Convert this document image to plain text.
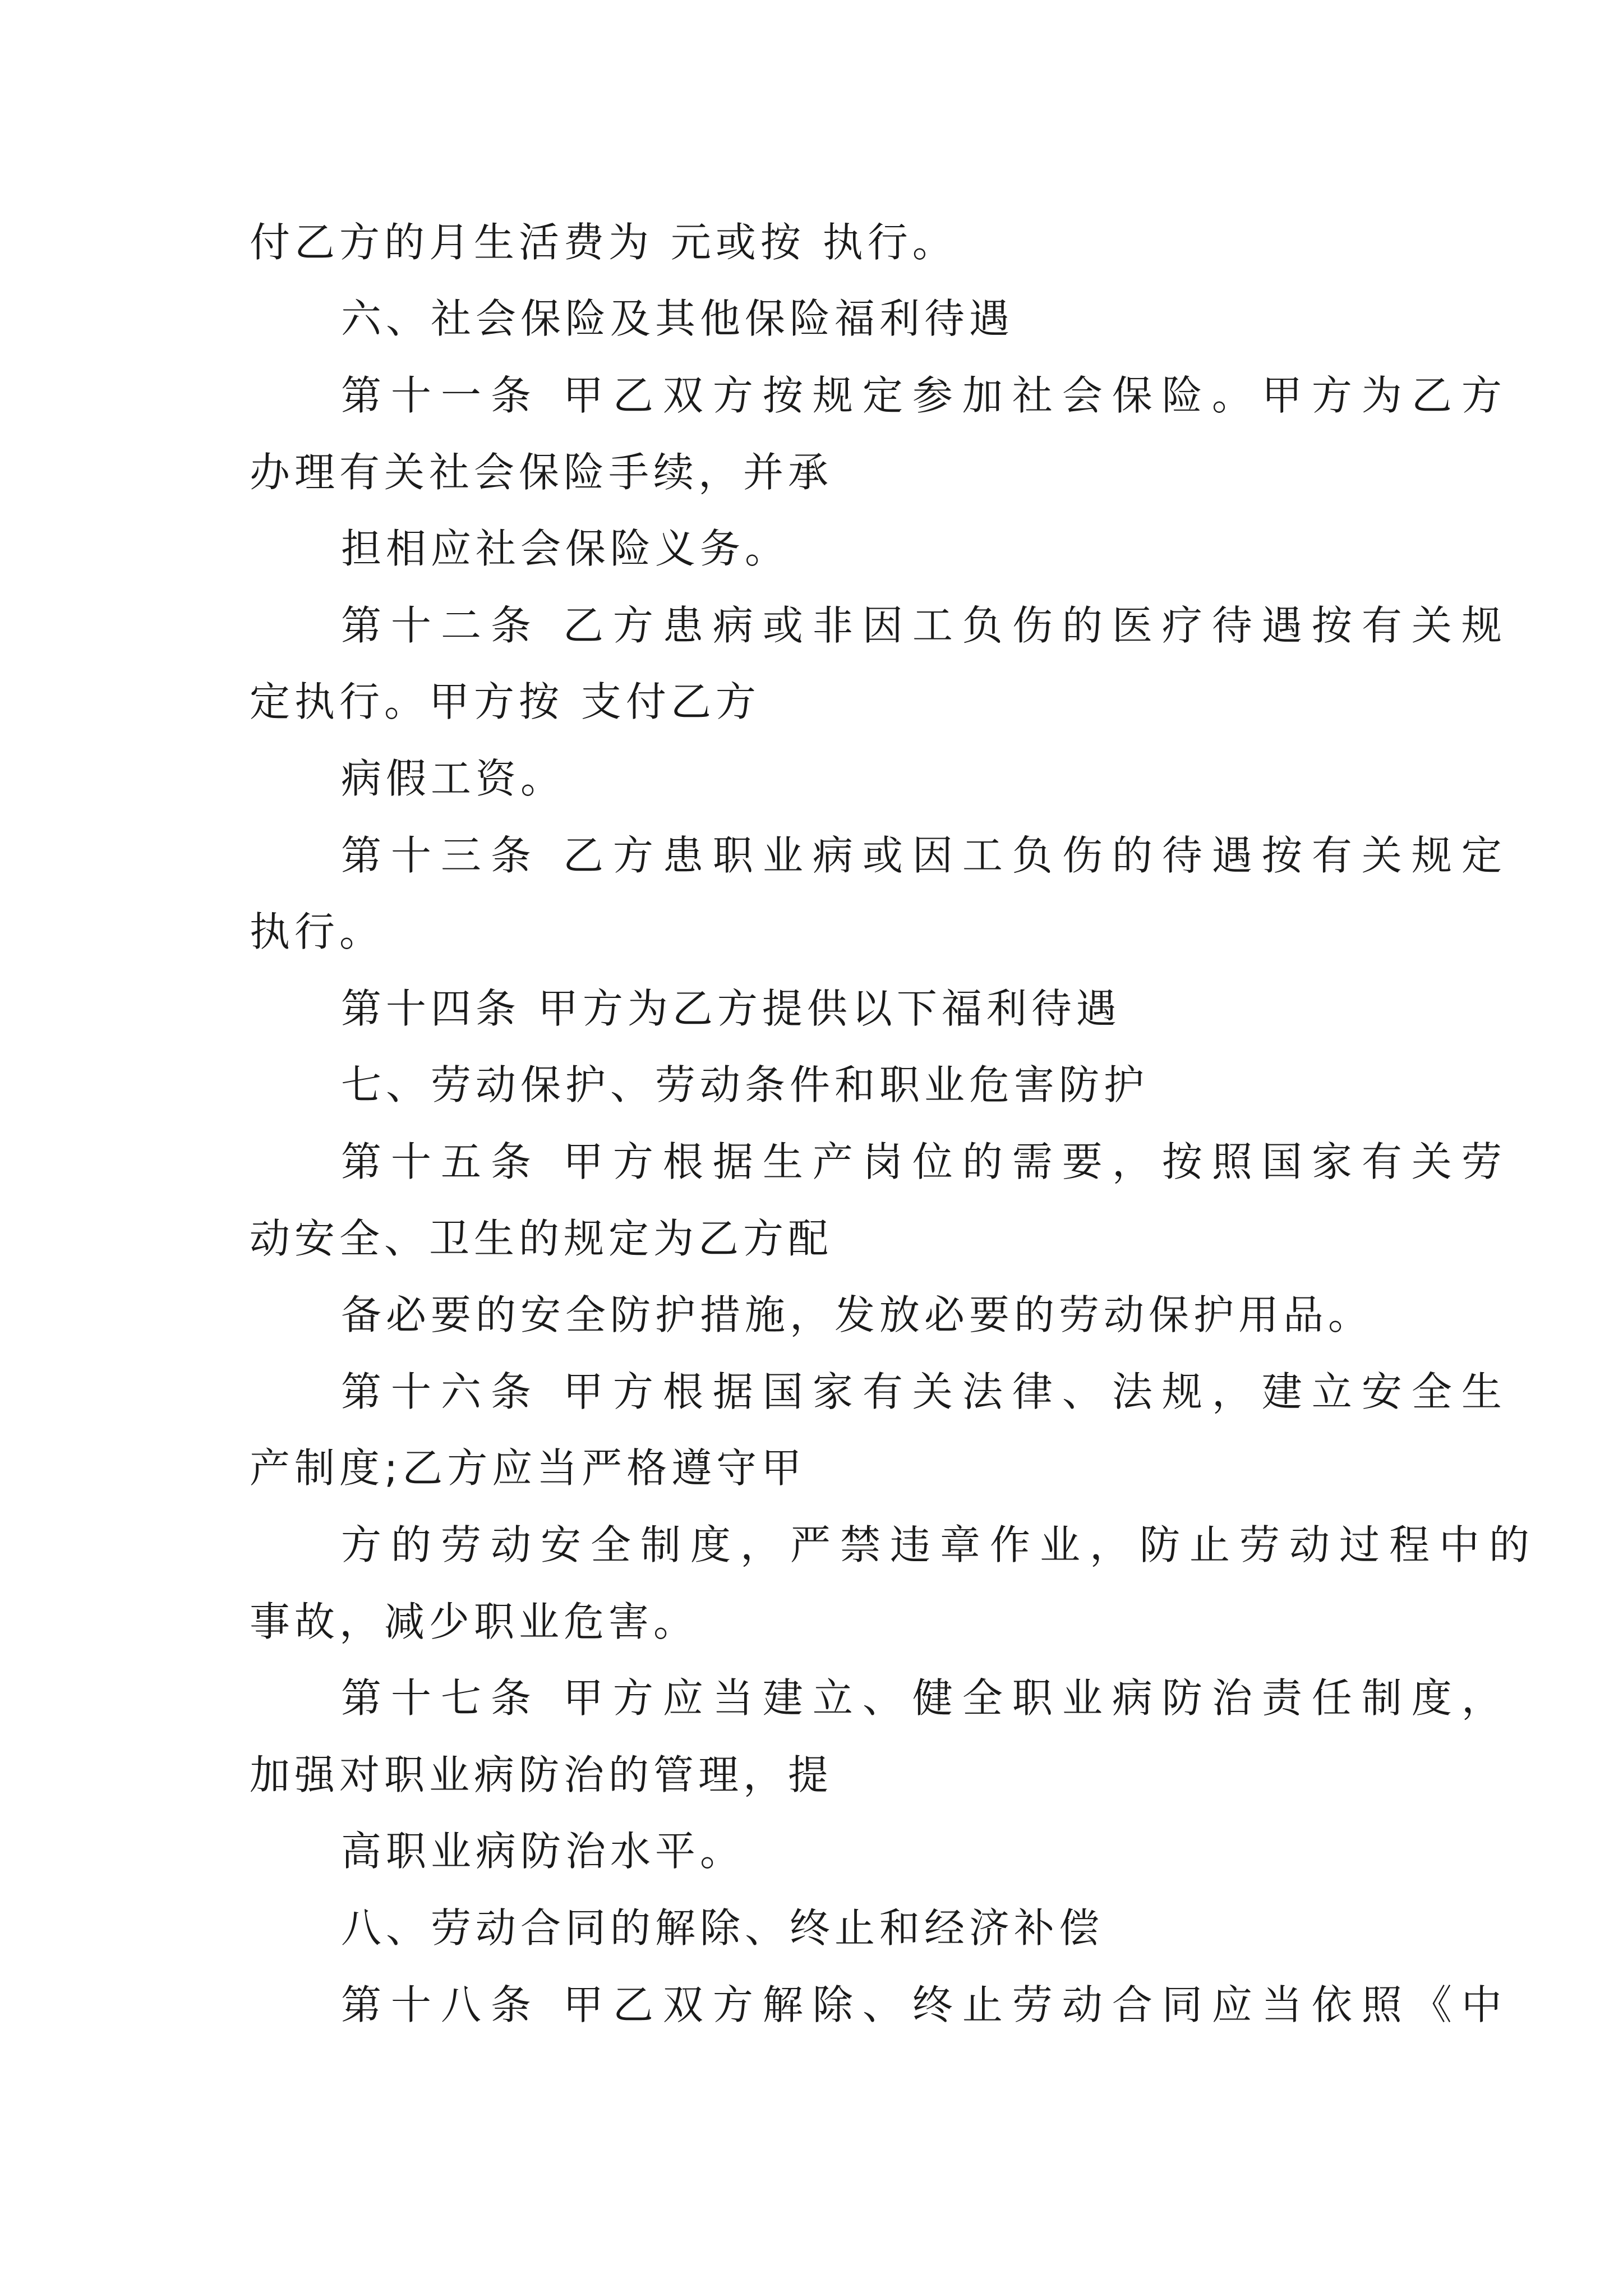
付乙方的月生活费为 元或按 执行。
六、社会保险及其他保险福利待遇
第十一条 甲乙双方按规定参加社会保险。甲方为乙方
办理有关社会保险手续，并承
担相应社会保险义务。
第十二条 乙方患病或非因工负伤的医疗待遇按有关规
定执行。甲方按 支付乙方
病假工资。
第十三条 乙方患职业病或因工负伤的待遇按有关规定
执行。
第十四条 甲方为乙方提供以下福利待遇
七、劳动保护、劳动条件和职业危害防护
第十五条 甲方根据生产岗位的需要，按照国家有关劳
动安全、卫生的规定为乙方配
备必要的安全防护措施，发放必要的劳动保护用品。
第十六条 甲方根据国家有关法律、法规，建立安全生
产制度;乙方应当严格遵守甲
方的劳动安全制度，严禁违章作业，防止劳动过程中的
事故，减少职业危害。
第十七条 甲方应当建立、健全职业病防治责任制度，
加强对职业病防治的管理，提
高职业病防治水平。
八、劳动合同的解除、终止和经济补偿
第十八条 甲乙双方解除、终止劳动合同应当依照《中
